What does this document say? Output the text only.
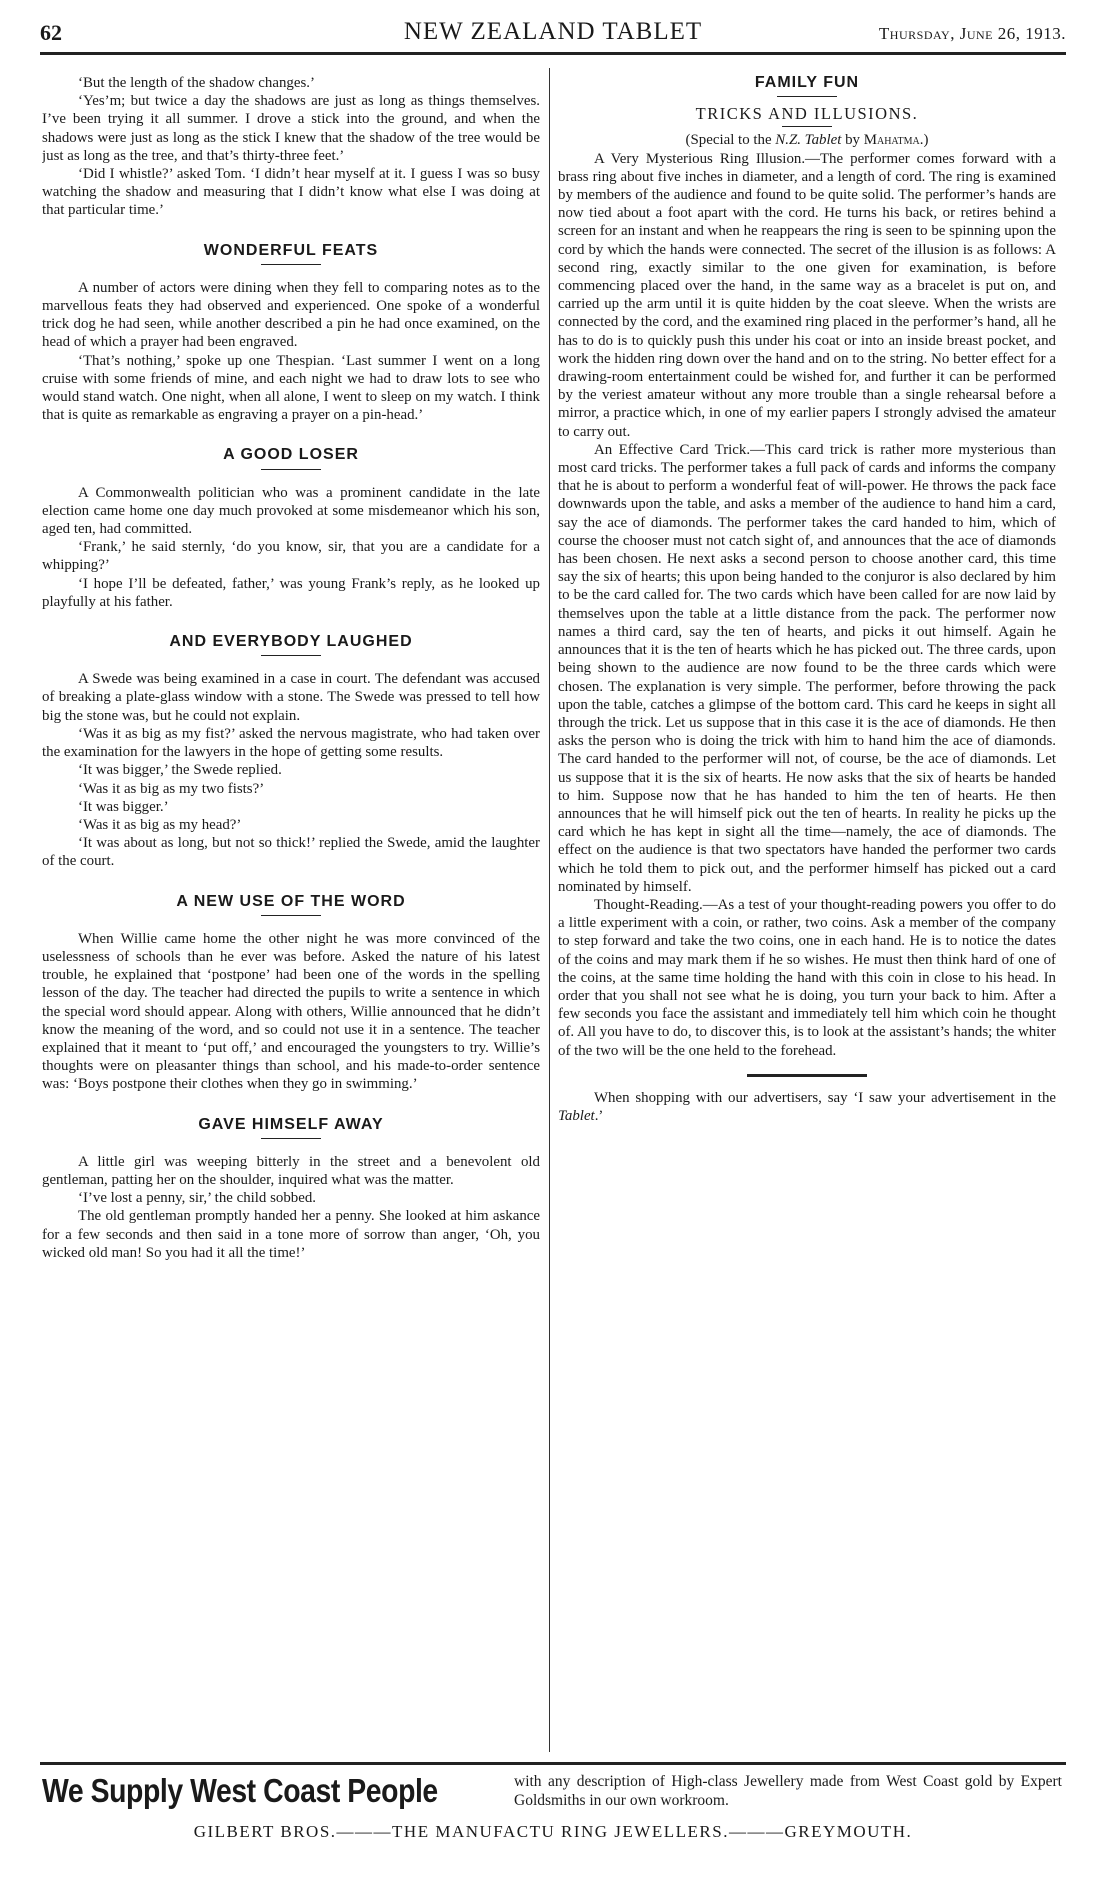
62	NEW ZEALAND TABLET	Thursday, June 26, 1913.

‘But the length of the shadow changes.’

‘Yes’m; but twice a day the shadows are just as long as things themselves. I’ve been trying it all summer. I drove a stick into the ground, and when the shadows were just as long as the stick I knew that the shadow of the tree would be just as long as the tree, and that’s thirty-three feet.’

‘Did I whistle?’ asked Tom. ‘I didn’t hear myself at it. I guess I was so busy watching the shadow and measuring that I didn’t know what else I was doing at that particular time.’

WONDERFUL FEATS

A number of actors were dining when they fell to comparing notes as to the marvellous feats they had observed and experienced. One spoke of a wonderful trick dog he had seen, while another described a pin he had once examined, on the head of which a prayer had been engraved.

‘That’s nothing,’ spoke up one Thespian. ‘Last summer I went on a long cruise with some friends of mine, and each night we had to draw lots to see who would stand watch. One night, when all alone, I went to sleep on my watch. I think that is quite as remarkable as engraving a prayer on a pin-head.’

A GOOD LOSER

A Commonwealth politician who was a prominent candidate in the late election came home one day much provoked at some misdemeanor which his son, aged ten, had committed.

‘Frank,’ he said sternly, ‘do you know, sir, that you are a candidate for a whipping?’

‘I hope I’ll be defeated, father,’ was young Frank’s reply, as he looked up playfully at his father.

AND EVERYBODY LAUGHED

A Swede was being examined in a case in court. The defendant was accused of breaking a plate-glass window with a stone. The Swede was pressed to tell how big the stone was, but he could not explain.

‘Was it as big as my fist?’ asked the nervous magistrate, who had taken over the examination for the lawyers in the hope of getting some results.

‘It was bigger,’ the Swede replied.

‘Was it as big as my two fists?’

‘It was bigger.’

‘Was it as big as my head?’

‘It was about as long, but not so thick!’ replied the Swede, amid the laughter of the court.

A NEW USE OF THE WORD

When Willie came home the other night he was more convinced of the uselessness of schools than he ever was before. Asked the nature of his latest trouble, he explained that ‘postpone’ had been one of the words in the spelling lesson of the day. The teacher had directed the pupils to write a sentence in which the special word should appear. Along with others, Willie announced that he didn’t know the meaning of the word, and so could not use it in a sentence. The teacher explained that it meant to ‘put off,’ and encouraged the youngsters to try. Willie’s thoughts were on pleasanter things than school, and his made-to-order sentence was: ‘Boys postpone their clothes when they go in swimming.’

GAVE HIMSELF AWAY

A little girl was weeping bitterly in the street and a benevolent old gentleman, patting her on the shoulder, inquired what was the matter.

‘I’ve lost a penny, sir,’ the child sobbed.

The old gentleman promptly handed her a penny. She looked at him askance for a few seconds and then said in a tone more of sorrow than anger, ‘Oh, you wicked old man! So you had it all the time!’

FAMILY FUN
TRICKS AND ILLUSIONS.

(Special to the N.Z. Tablet by Mahatma.)

A Very Mysterious Ring Illusion.—The performer comes forward with a brass ring about five inches in diameter, and a length of cord. The ring is examined by members of the audience and found to be quite solid. The performer’s hands are now tied about a foot apart with the cord. He turns his back, or retires behind a screen for an instant and when he reappears the ring is seen to be spinning upon the cord by which the hands were connected. The secret of the illusion is as follows: A second ring, exactly similar to the one given for examination, is before commencing placed over the hand, in the same way as a bracelet is put on, and carried up the arm until it is quite hidden by the coat sleeve. When the wrists are connected by the cord, and the examined ring placed in the performer’s hand, all he has to do is to quickly push this under his coat or into an inside breast pocket, and work the hidden ring down over the hand and on to the string. No better effect for a drawing-room entertainment could be wished for, and further it can be performed by the veriest amateur without any more trouble than a single rehearsal before a mirror, a practice which, in one of my earlier papers I strongly advised the amateur to carry out.

An Effective Card Trick.—This card trick is rather more mysterious than most card tricks. The performer takes a full pack of cards and informs the company that he is about to perform a wonderful feat of will-power. He throws the pack face downwards upon the table, and asks a member of the audience to hand him a card, say the ace of diamonds. The performer takes the card handed to him, which of course the chooser must not catch sight of, and announces that the ace of diamonds has been chosen. He next asks a second person to choose another card, this time say the six of hearts; this upon being handed to the conjuror is also declared by him to be the card called for. The two cards which have been called for are now laid by themselves upon the table at a little distance from the pack. The performer now names a third card, say the ten of hearts, and picks it out himself. Again he announces that it is the ten of hearts which he has picked out. The three cards, upon being shown to the audience are now found to be the three cards which were chosen. The explanation is very simple. The performer, before throwing the pack upon the table, catches a glimpse of the bottom card. This card he keeps in sight all through the trick. Let us suppose that in this case it is the ace of diamonds. He then asks the person who is doing the trick with him to hand him the ace of diamonds. The card handed to the performer will not, of course, be the ace of diamonds. Let us suppose that it is the six of hearts. He now asks that the six of hearts be handed to him. Suppose now that he has handed to him the ten of hearts. He then announces that he will himself pick out the ten of hearts. In reality he picks up the card which he has kept in sight all the time—namely, the ace of diamonds. The effect on the audience is that two spectators have handed the performer two cards which he told them to pick out, and the performer himself has picked out a card nominated by himself.

Thought-Reading.—As a test of your thought-reading powers you offer to do a little experiment with a coin, or rather, two coins. Ask a member of the company to step forward and take the two coins, one in each hand. He is to notice the dates of the coins and may mark them if he so wishes. He must then think hard of one of the coins, at the same time holding the hand with this coin in close to his head. In order that you shall not see what he is doing, you turn your back to him. After a few seconds you face the assistant and immediately tell him which coin he thought of. All you have to do, to discover this, is to look at the assistant’s hands; the whiter of the two will be the one held to the forehead.

When shopping with our advertisers, say ‘I saw your advertisement in the Tablet.’

We Supply West Coast People	with any description of High-class Jewellery made from West Coast gold by Expert Goldsmiths in our own workroom.
GILBERT BROS.———THE MANUFACTU RING JEWELLERS.———GREYMOUTH.
